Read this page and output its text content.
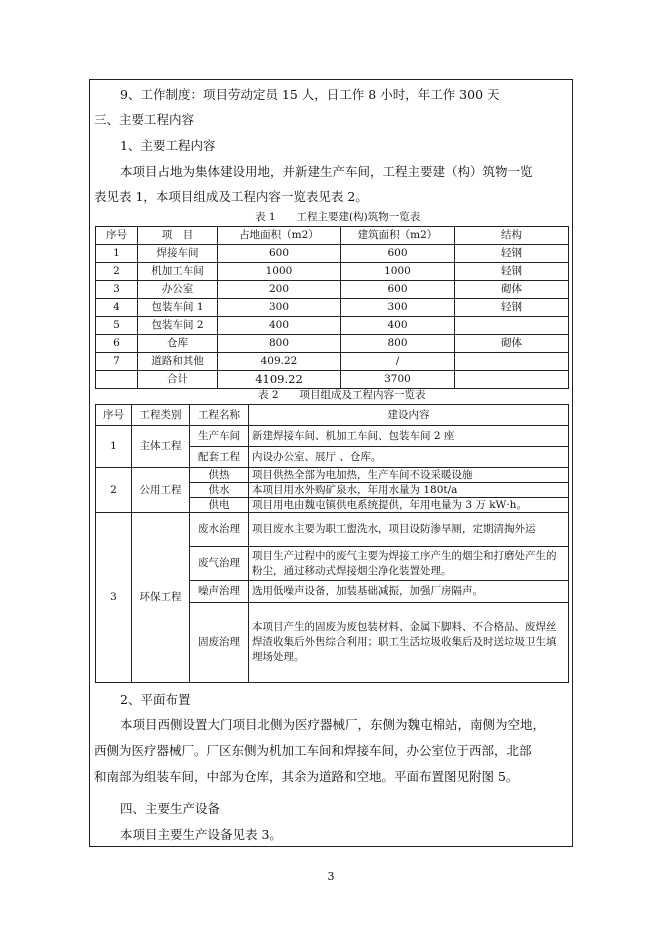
9、工作制度：项目劳动定员 15 人，日工作 8 小时，年工作 300 天
三、主要工程内容
1、主要工程内容
本项目占地为集体建设用地，并新建生产车间，工程主要建（构）筑物一览
表见表 1，本项目组成及工程内容一览表见表 2。
表 1　　工程主要建(构)筑物一览表
序号	项　目	占地面积（m2）	建筑面积（m2）	结构
1	焊接车间	600	600	轻钢
2	机加工车间	1000	1000	轻钢
3	办公室	200	600	砌体
4	包装车间 1	300	300	轻钢
5	包装车间 2	400	400	
6	仓库	800	800	砌体
7	道路和其他	409.22	/	
	合计	4109.22	3700	
表 2　　项目组成及工程内容一览表
序号	工程类别	工程名称	建设内容
1	主体工程	生产车间	新建焊接车间、机加工车间、包装车间 2 座
		配套工程	内设办公室、展厅 、仓库。
2	公用工程	供热	项目供热全部为电加热，生产车间不设采暖设施
		供水	本项目用水外购矿泉水，年用水量为 180t/a
		供电	项目用电由魏屯镇供电系统提供，年用电量为 3 万 kW·h。
3	环保工程	废水治理	项目废水主要为职工盥洗水，项目设防渗旱厕，定期清掏外运
		废气治理	项目生产过程中的废气主要为焊接工序产生的烟尘和打磨处产生的粉尘，通过移动式焊接烟尘净化装置处理。
		噪声治理	选用低噪声设备，加装基础减振，加强厂房隔声。
		固废治理	本项目产生的固废为废包装材料、金属下脚料、不合格品、废焊丝焊渣收集后外售综合利用；职工生活垃圾收集后及时送垃圾卫生填埋场处理。
2、平面布置
本项目西侧设置大门项目北侧为医疗器械厂，东侧为魏屯棉站，南侧为空地，
西侧为医疗器械厂。厂区东侧为机加工车间和焊接车间，办公室位于西部，北部
和南部为组装车间，中部为仓库，其余为道路和空地。平面布置图见附图 5。
四、主要生产设备
本项目主要生产设备见表 3。
3
